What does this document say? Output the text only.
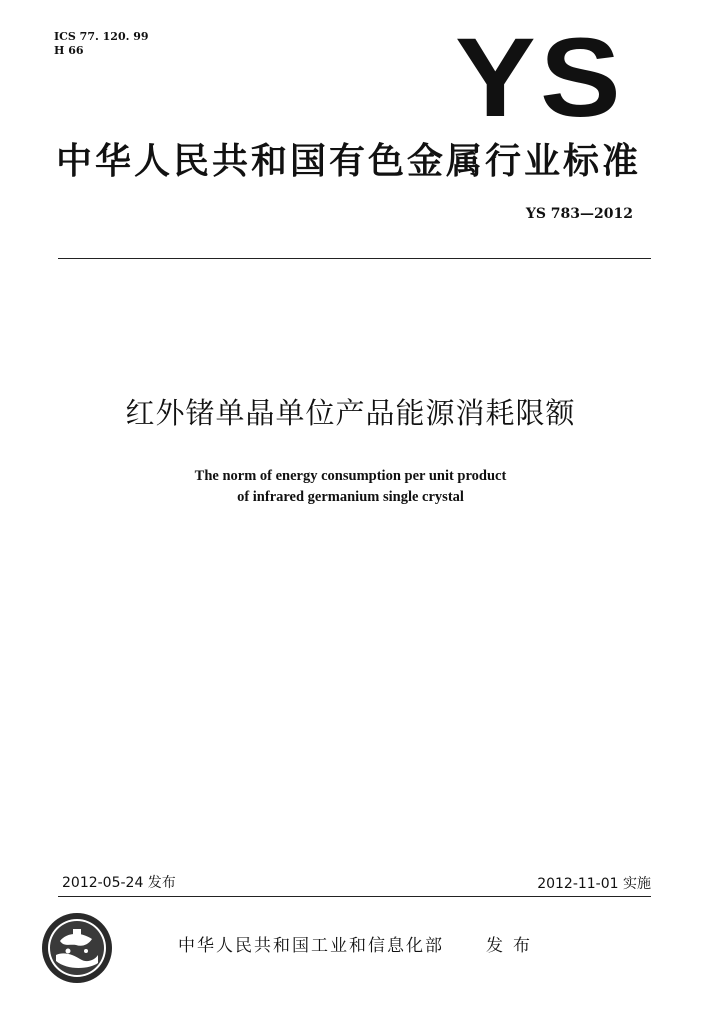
ICS 77. 120. 99
H 66	YS
中华人民共和国有色金属行业标准
YS 783—2012
红外锗单晶单位产品能源消耗限额
The norm of energy consumption per unit product
of infrared germanium single crystal
2012-05-24 发布	2012-11-01 实施
中华人民共和国工业和信息化部 发布
